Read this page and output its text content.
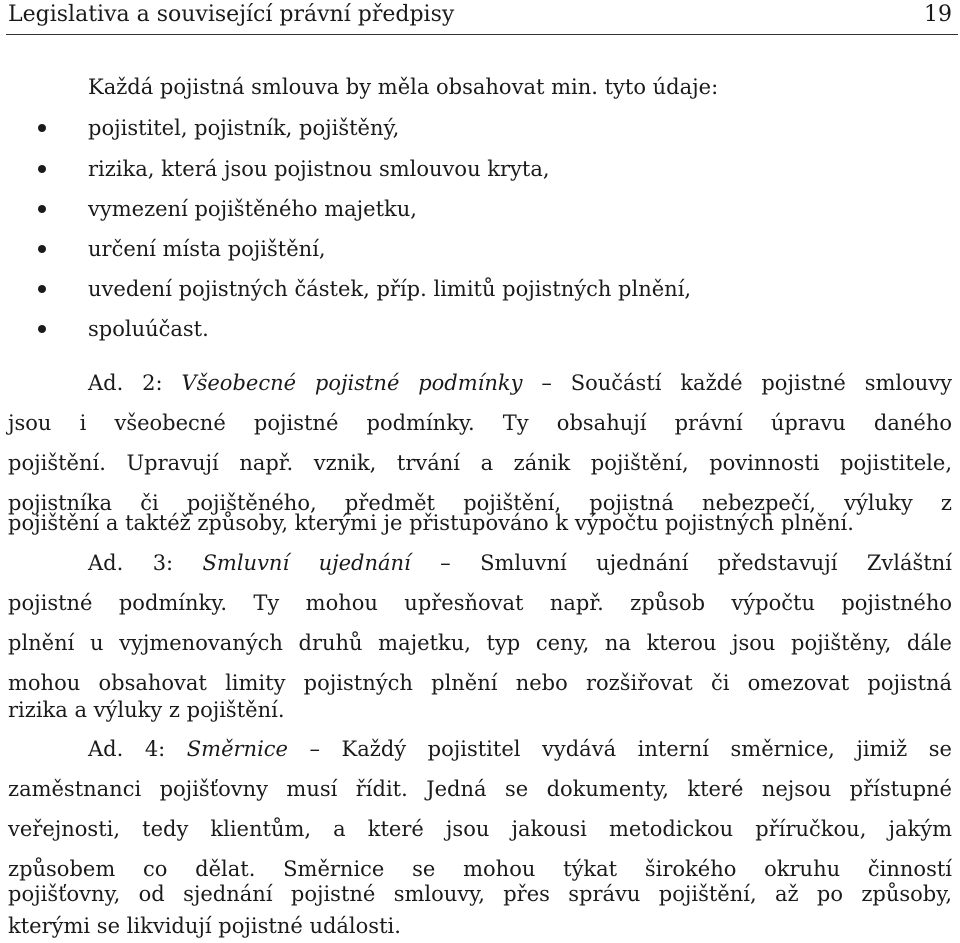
Legislativa a související právní předpisy	19
Každá pojistná smlouva by měla obsahovat min. tyto údaje:
pojistitel, pojistník, pojištěný,
rizika, která jsou pojistnou smlouvou kryta,
vymezení pojištěného majetku,
určení místa pojištění,
uvedení pojistných částek, příp. limitů pojistných plnění,
spoluúčast.
Ad. 2: Všeobecné pojistné podmínky – Součástí každé pojistné smlouvy
jsou i všeobecné pojistné podmínky. Ty obsahují právní úpravu daného
pojištění. Upravují např. vznik, trvání a zánik pojištění, povinnosti pojistitele,
pojistníka či pojištěného, předmět pojištění, pojistná nebezpečí, výluky z
pojištění a taktéž způsoby, kterými je přistupováno k výpočtu pojistných plnění.
Ad. 3: Smluvní ujednání – Smluvní ujednání představují Zvláštní
pojistné podmínky. Ty mohou upřesňovat např. způsob výpočtu pojistného
plnění u vyjmenovaných druhů majetku, typ ceny, na kterou jsou pojištěny, dále
mohou obsahovat limity pojistných plnění nebo rozšiřovat či omezovat pojistná
rizika a výluky z pojištění.
Ad. 4: Směrnice – Každý pojistitel vydává interní směrnice, jimiž se
zaměstnanci pojišťovny musí řídit. Jedná se dokumenty, které nejsou přístupné
veřejnosti, tedy klientům, a které jsou jakousi metodickou příručkou, jakým
způsobem co dělat. Směrnice se mohou týkat širokého okruhu činností
pojišťovny, od sjednání pojistné smlouvy, přes správu pojištění, až po způsoby,
kterými se likvidují pojistné události.
